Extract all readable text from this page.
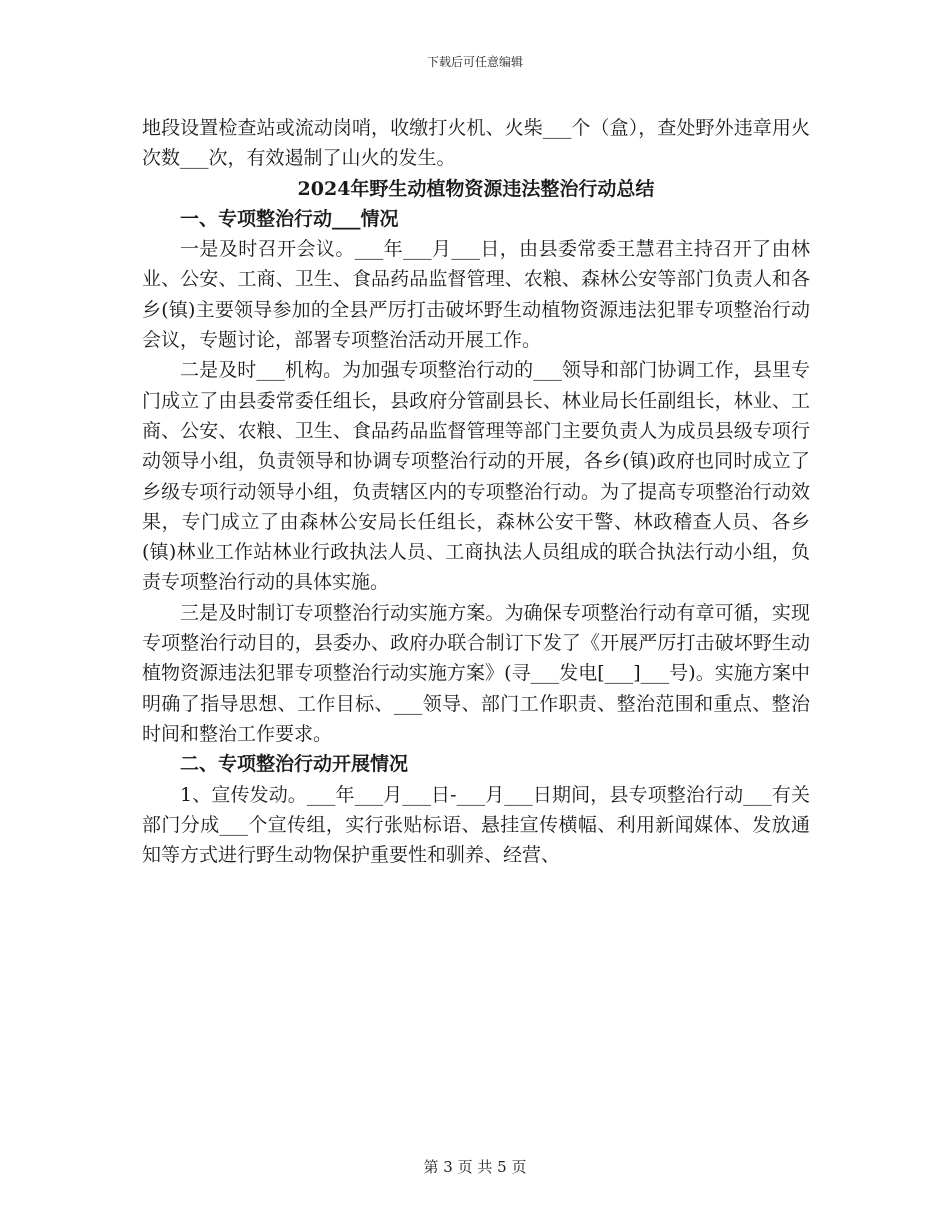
下载后可任意编辑

地段设置检查站或流动岗哨，收缴打火机、火柴___个（盒），查处野外违章用火次数___次，有效遏制了山火的发生。

2024年野生动植物资源违法整治行动总结

一、专项整治行动___情况

一是及时召开会议。___年___月___日，由县委常委王慧君主持召开了由林业、公安、工商、卫生、食品药品监督管理、农粮、森林公安等部门负责人和各乡(镇)主要领导参加的全县严厉打击破坏野生动植物资源违法犯罪专项整治行动会议，专题讨论，部署专项整治活动开展工作。

二是及时___机构。为加强专项整治行动的___领导和部门协调工作，县里专门成立了由县委常委任组长，县政府分管副县长、林业局长任副组长，林业、工商、公安、农粮、卫生、食品药品监督管理等部门主要负责人为成员县级专项行动领导小组，负责领导和协调专项整治行动的开展，各乡(镇)政府也同时成立了乡级专项行动领导小组，负责辖区内的专项整治行动。为了提高专项整治行动效果，专门成立了由森林公安局长任组长，森林公安干警、林政稽查人员、各乡(镇)林业工作站林业行政执法人员、工商执法人员组成的联合执法行动小组，负责专项整治行动的具体实施。

三是及时制订专项整治行动实施方案。为确保专项整治行动有章可循，实现专项整治行动目的，县委办、政府办联合制订下发了《开展严厉打击破坏野生动植物资源违法犯罪专项整治行动实施方案》(寻___发电[___]___号)。实施方案中明确了指导思想、工作目标、___领导、部门工作职责、整治范围和重点、整治时间和整治工作要求。

二、专项整治行动开展情况

1、宣传发动。___年___月___日-___月___日期间，县专项整治行动___有关部门分成___个宣传组，实行张贴标语、悬挂宣传横幅、利用新闻媒体、发放通知等方式进行野生动物保护重要性和驯养、经营、

第 3 页 共 5 页
